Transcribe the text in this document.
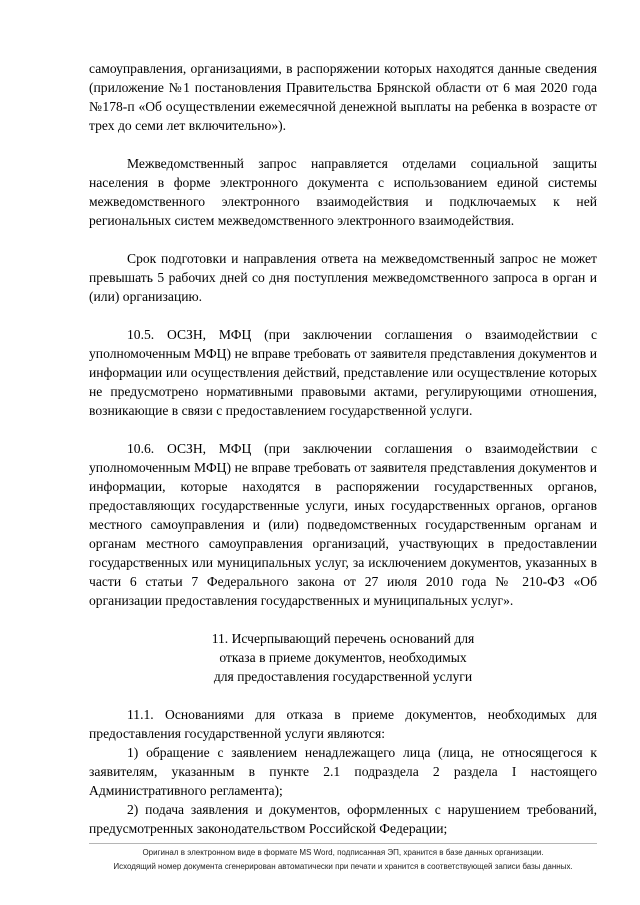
самоуправления, организациями, в распоряжении которых находятся данные сведения (приложение №1 постановления Правительства Брянской области от 6 мая 2020 года №178-п «Об осуществлении ежемесячной денежной выплаты на ребенка в возрасте от трех до семи лет включительно»).

Межведомственный запрос направляется отделами социальной защиты населения в форме электронного документа с использованием единой системы межведомственного электронного взаимодействия и подключаемых к ней региональных систем межведомственного электронного взаимодействия.

Срок подготовки и направления ответа на межведомственный запрос не может превышать 5 рабочих дней со дня поступления межведомственного запроса в орган и (или) организацию.

10.5. ОСЗН, МФЦ (при заключении соглашения о взаимодействии с уполномоченным МФЦ) не вправе требовать от заявителя представления документов и информации или осуществления действий, представление или осуществление которых не предусмотрено нормативными правовыми актами, регулирующими отношения, возникающие в связи с предоставлением государственной услуги.

10.6. ОСЗН, МФЦ (при заключении соглашения о взаимодействии с уполномоченным МФЦ) не вправе требовать от заявителя представления документов и информации, которые находятся в распоряжении государственных органов, предоставляющих государственные услуги, иных государственных органов, органов местного самоуправления и (или) подведомственных государственным органам и органам местного самоуправления организаций, участвующих в предоставлении государственных или муниципальных услуг, за исключением документов, указанных в части 6 статьи 7 Федерального закона от 27 июля 2010 года № 210-ФЗ «Об организации предоставления государственных и муниципальных услуг».

11. Исчерпывающий перечень оснований для

отказа в приеме документов, необходимых

для предоставления государственной услуги

11.1. Основаниями для отказа в приеме документов, необходимых для предоставления государственной услуги являются:

1) обращение с заявлением ненадлежащего лица (лица, не относящегося к заявителям, указанным в пункте 2.1 подраздела 2 раздела I настоящего Административного регламента);

2) подача заявления и документов, оформленных с нарушением требований, предусмотренных законодательством Российской Федерации;

Оригинал в электронном виде в формате MS Word, подписанная ЭП, хранится в базе данных организации.
Исходящий номер документа сгенерирован автоматически при печати и хранится в соответствующей записи базы данных.
